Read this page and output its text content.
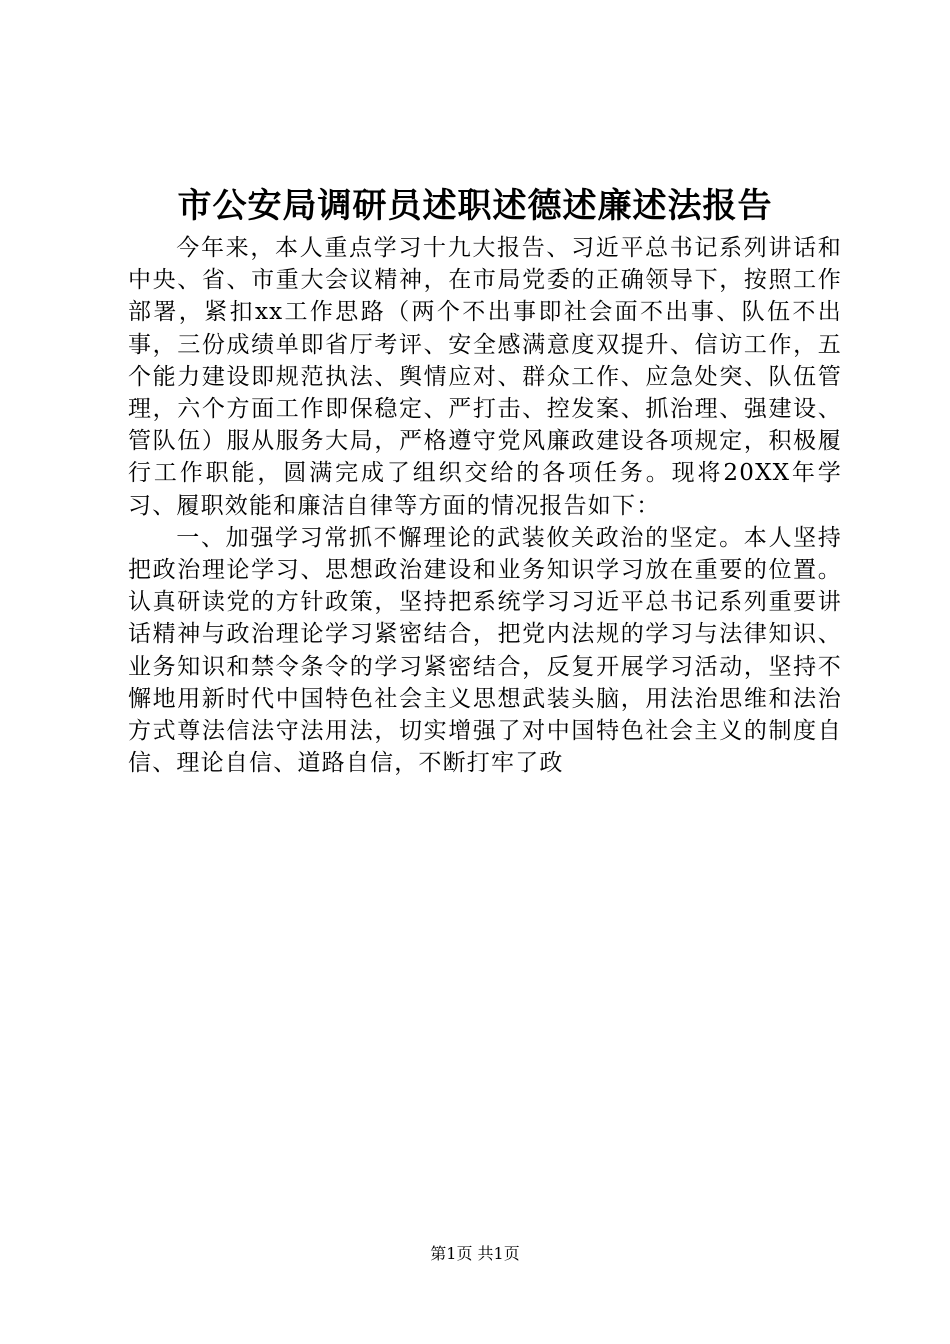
市公安局调研员述职述德述廉述法报告

今年来，本人重点学习十九大报告、习近平总书记系列讲话和中央、省、市重大会议精神，在市局党委的正确领导下，按照工作部署，紧扣xx工作思路（两个不出事即社会面不出事、队伍不出事，三份成绩单即省厅考评、安全感满意度双提升、信访工作，五个能力建设即规范执法、舆情应对、群众工作、应急处突、队伍管理，六个方面工作即保稳定、严打击、控发案、抓治理、强建设、管队伍）服从服务大局，严格遵守党风廉政建设各项规定，积极履行工作职能，圆满完成了组织交给的各项任务。现将20XX年学习、履职效能和廉洁自律等方面的情况报告如下：

一、加强学习常抓不懈理论的武装攸关政治的坚定。本人坚持把政治理论学习、思想政治建设和业务知识学习放在重要的位置。认真研读党的方针政策，坚持把系统学习习近平总书记系列重要讲话精神与政治理论学习紧密结合，把党内法规的学习与法律知识、业务知识和禁令条令的学习紧密结合，反复开展学习活动，坚持不懈地用新时代中国特色社会主义思想武装头脑，用法治思维和法治方式尊法信法守法用法，切实增强了对中国特色社会主义的制度自信、理论自信、道路自信，不断打牢了政

第1页 共1页
